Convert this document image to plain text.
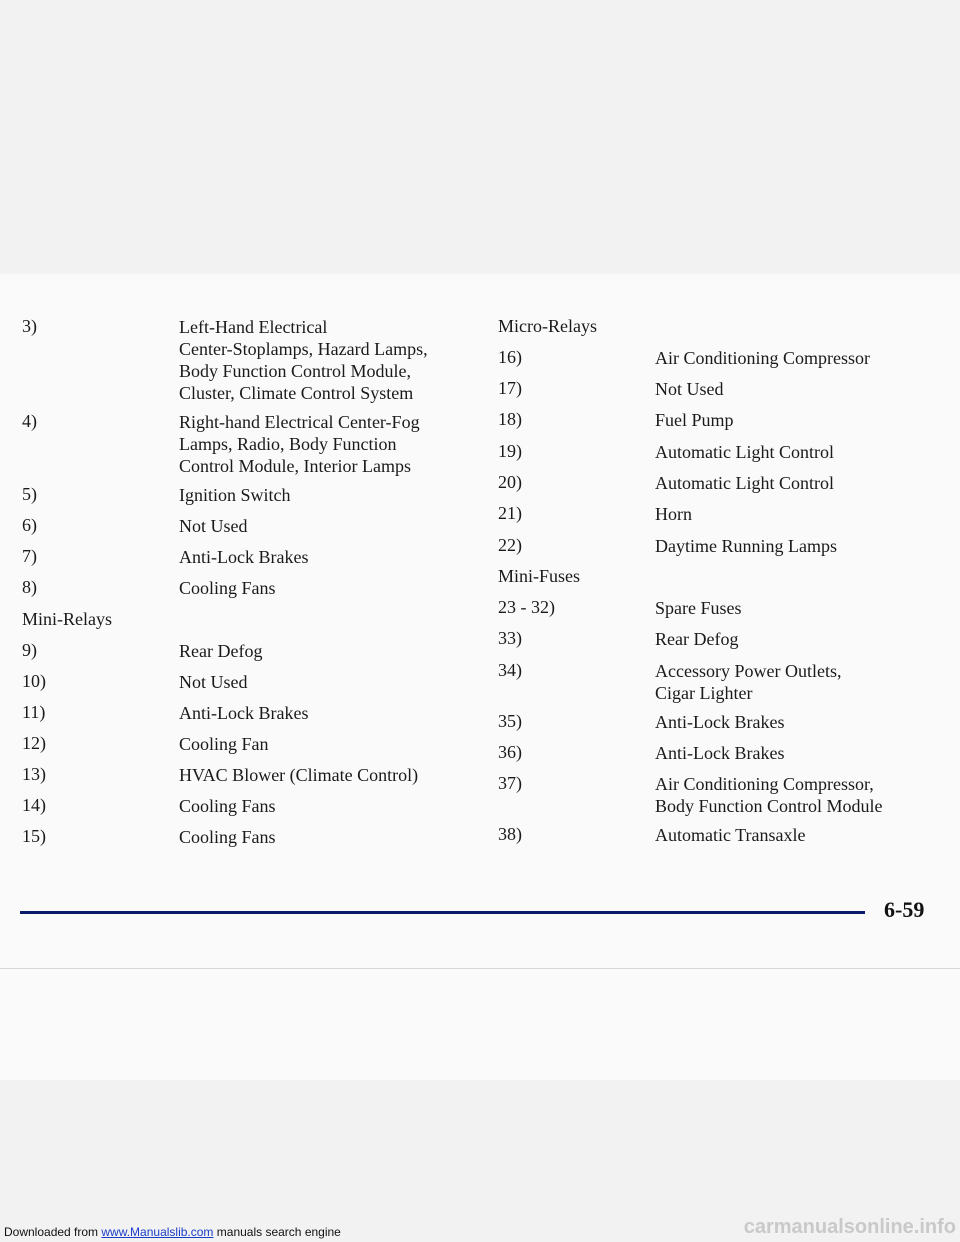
6-59
Downloaded from www.Manualslib.com manuals search engine	carmanualsonline.info
3)	Left-Hand Electrical
Center-Stoplamps, Hazard Lamps,
Body Function Control Module,
Cluster, Climate Control System
4)	Right-hand Electrical Center-Fog
Lamps, Radio, Body Function
Control Module, Interior Lamps
5)	Ignition Switch
6)	Not Used
7)	Anti-Lock Brakes
8)	Cooling Fans
Mini-Relays
9)	Rear Defog
10)	Not Used
11)	Anti-Lock Brakes
12)	Cooling Fan
13)	HVAC Blower (Climate Control)
14)	Cooling Fans
15)	Cooling Fans
Micro-Relays
16)	Air Conditioning Compressor
17)	Not Used
18)	Fuel Pump
19)	Automatic Light Control
20)	Automatic Light Control
21)	Horn
22)	Daytime Running Lamps
Mini-Fuses
23 - 32)	Spare Fuses
33)	Rear Defog
34)	Accessory Power Outlets,
Cigar Lighter
35)	Anti-Lock Brakes
36)	Anti-Lock Brakes
37)	Air Conditioning Compressor,
Body Function Control Module
38)	Automatic Transaxle
